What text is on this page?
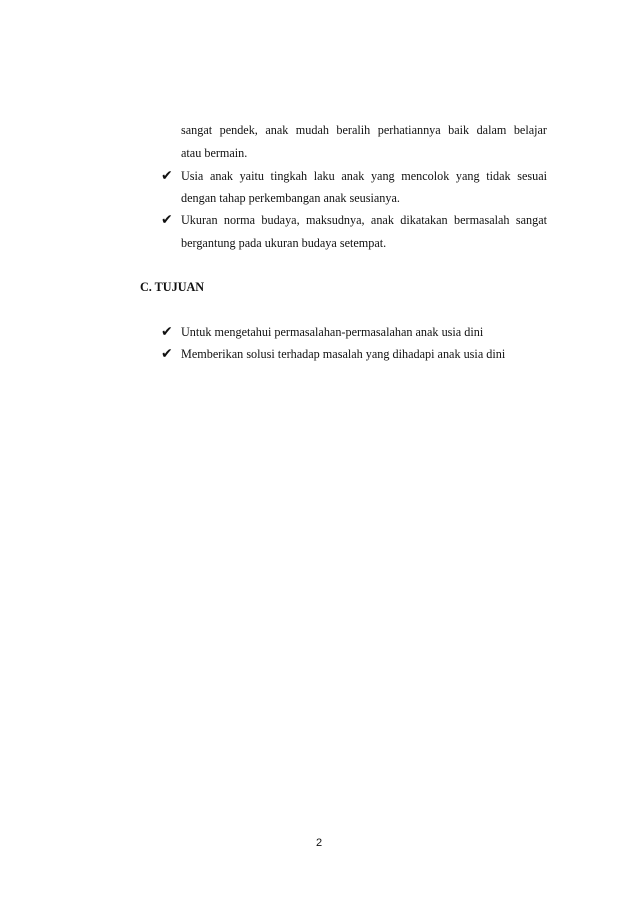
sangat pendek, anak mudah beralih perhatiannya baik dalam belajar
atau bermain.
✔ Usia anak yaitu tingkah laku anak yang mencolok yang tidak sesuai
dengan tahap perkembangan anak seusianya.
✔ Ukuran norma budaya, maksudnya, anak dikatakan bermasalah sangat
bergantung pada ukuran budaya setempat.
C. TUJUAN
✔ Untuk mengetahui permasalahan-permasalahan anak usia dini
✔ Memberikan solusi terhadap masalah yang dihadapi anak usia dini
2
